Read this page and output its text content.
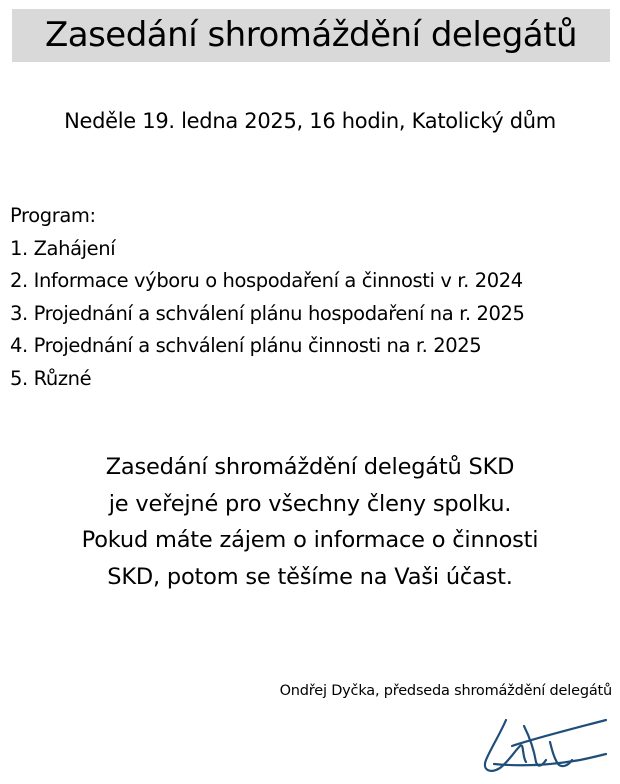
Zasedání shromáždění delegátů
Neděle 19. ledna 2025, 16 hodin, Katolický dům
Program:
1. Zahájení
2. Informace výboru o hospodaření a činnosti v r. 2024
3. Projednání a schválení plánu hospodaření na r. 2025
4. Projednání a schválení plánu činnosti na r. 2025
5. Různé
Zasedání shromáždění delegátů SKD
je veřejné pro všechny členy spolku.
Pokud máte zájem o informace o činnosti
SKD, potom se těšíme na Vaši účast.
Ondřej Dyčka, předseda shromáždění delegátů
